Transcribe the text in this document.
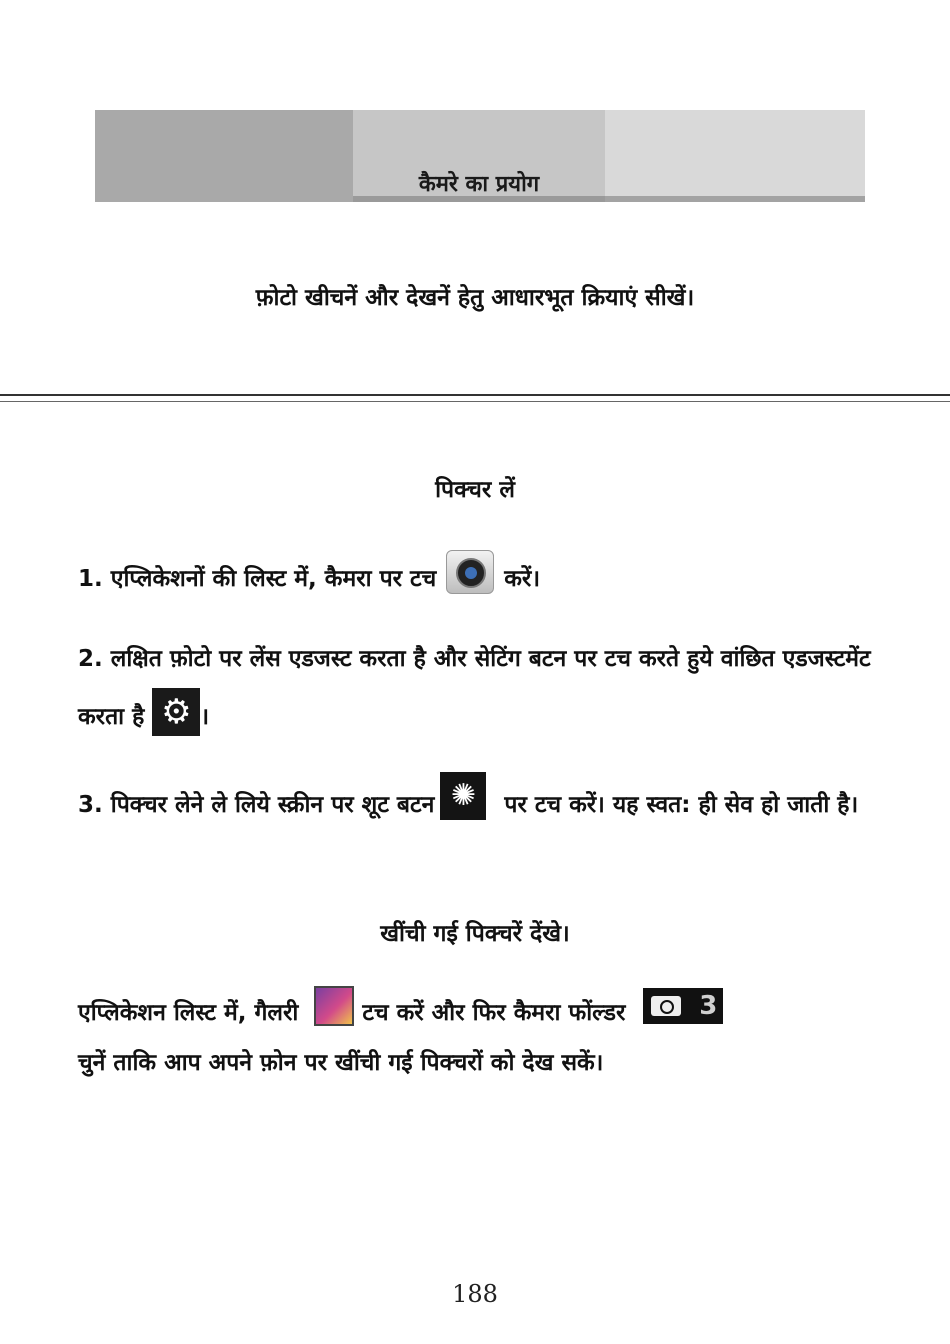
कैमरे का प्रयोग
फ़ोटो खीचनें और देखनें हेतु आधारभूत क्रियाएं सीखें।
पिक्चर लें
1. एप्लिकेशनों की लिस्ट में, कैमरा पर टच	करें।
2. लक्षित फ़ोटो पर लेंस एडजस्ट करता है और सेटिंग बटन पर टच करते हुये वांछित एडजस्टमेंट करता है ⚙ ।
3. पिक्चर लेने ले लिये स्क्रीन पर शूट बटन ✺ पर टच करें। यह स्वत: ही सेव हो जाती है।
खींची गई पिक्चरें देंखे।
एप्लिकेशन लिस्ट में, गैलरी	टच करें और फिर कैमरा फोंल्डर	3

चुनें ताकि आप अपने फ़ोन पर खींची गई पिक्चरों को देख सकें।
188
